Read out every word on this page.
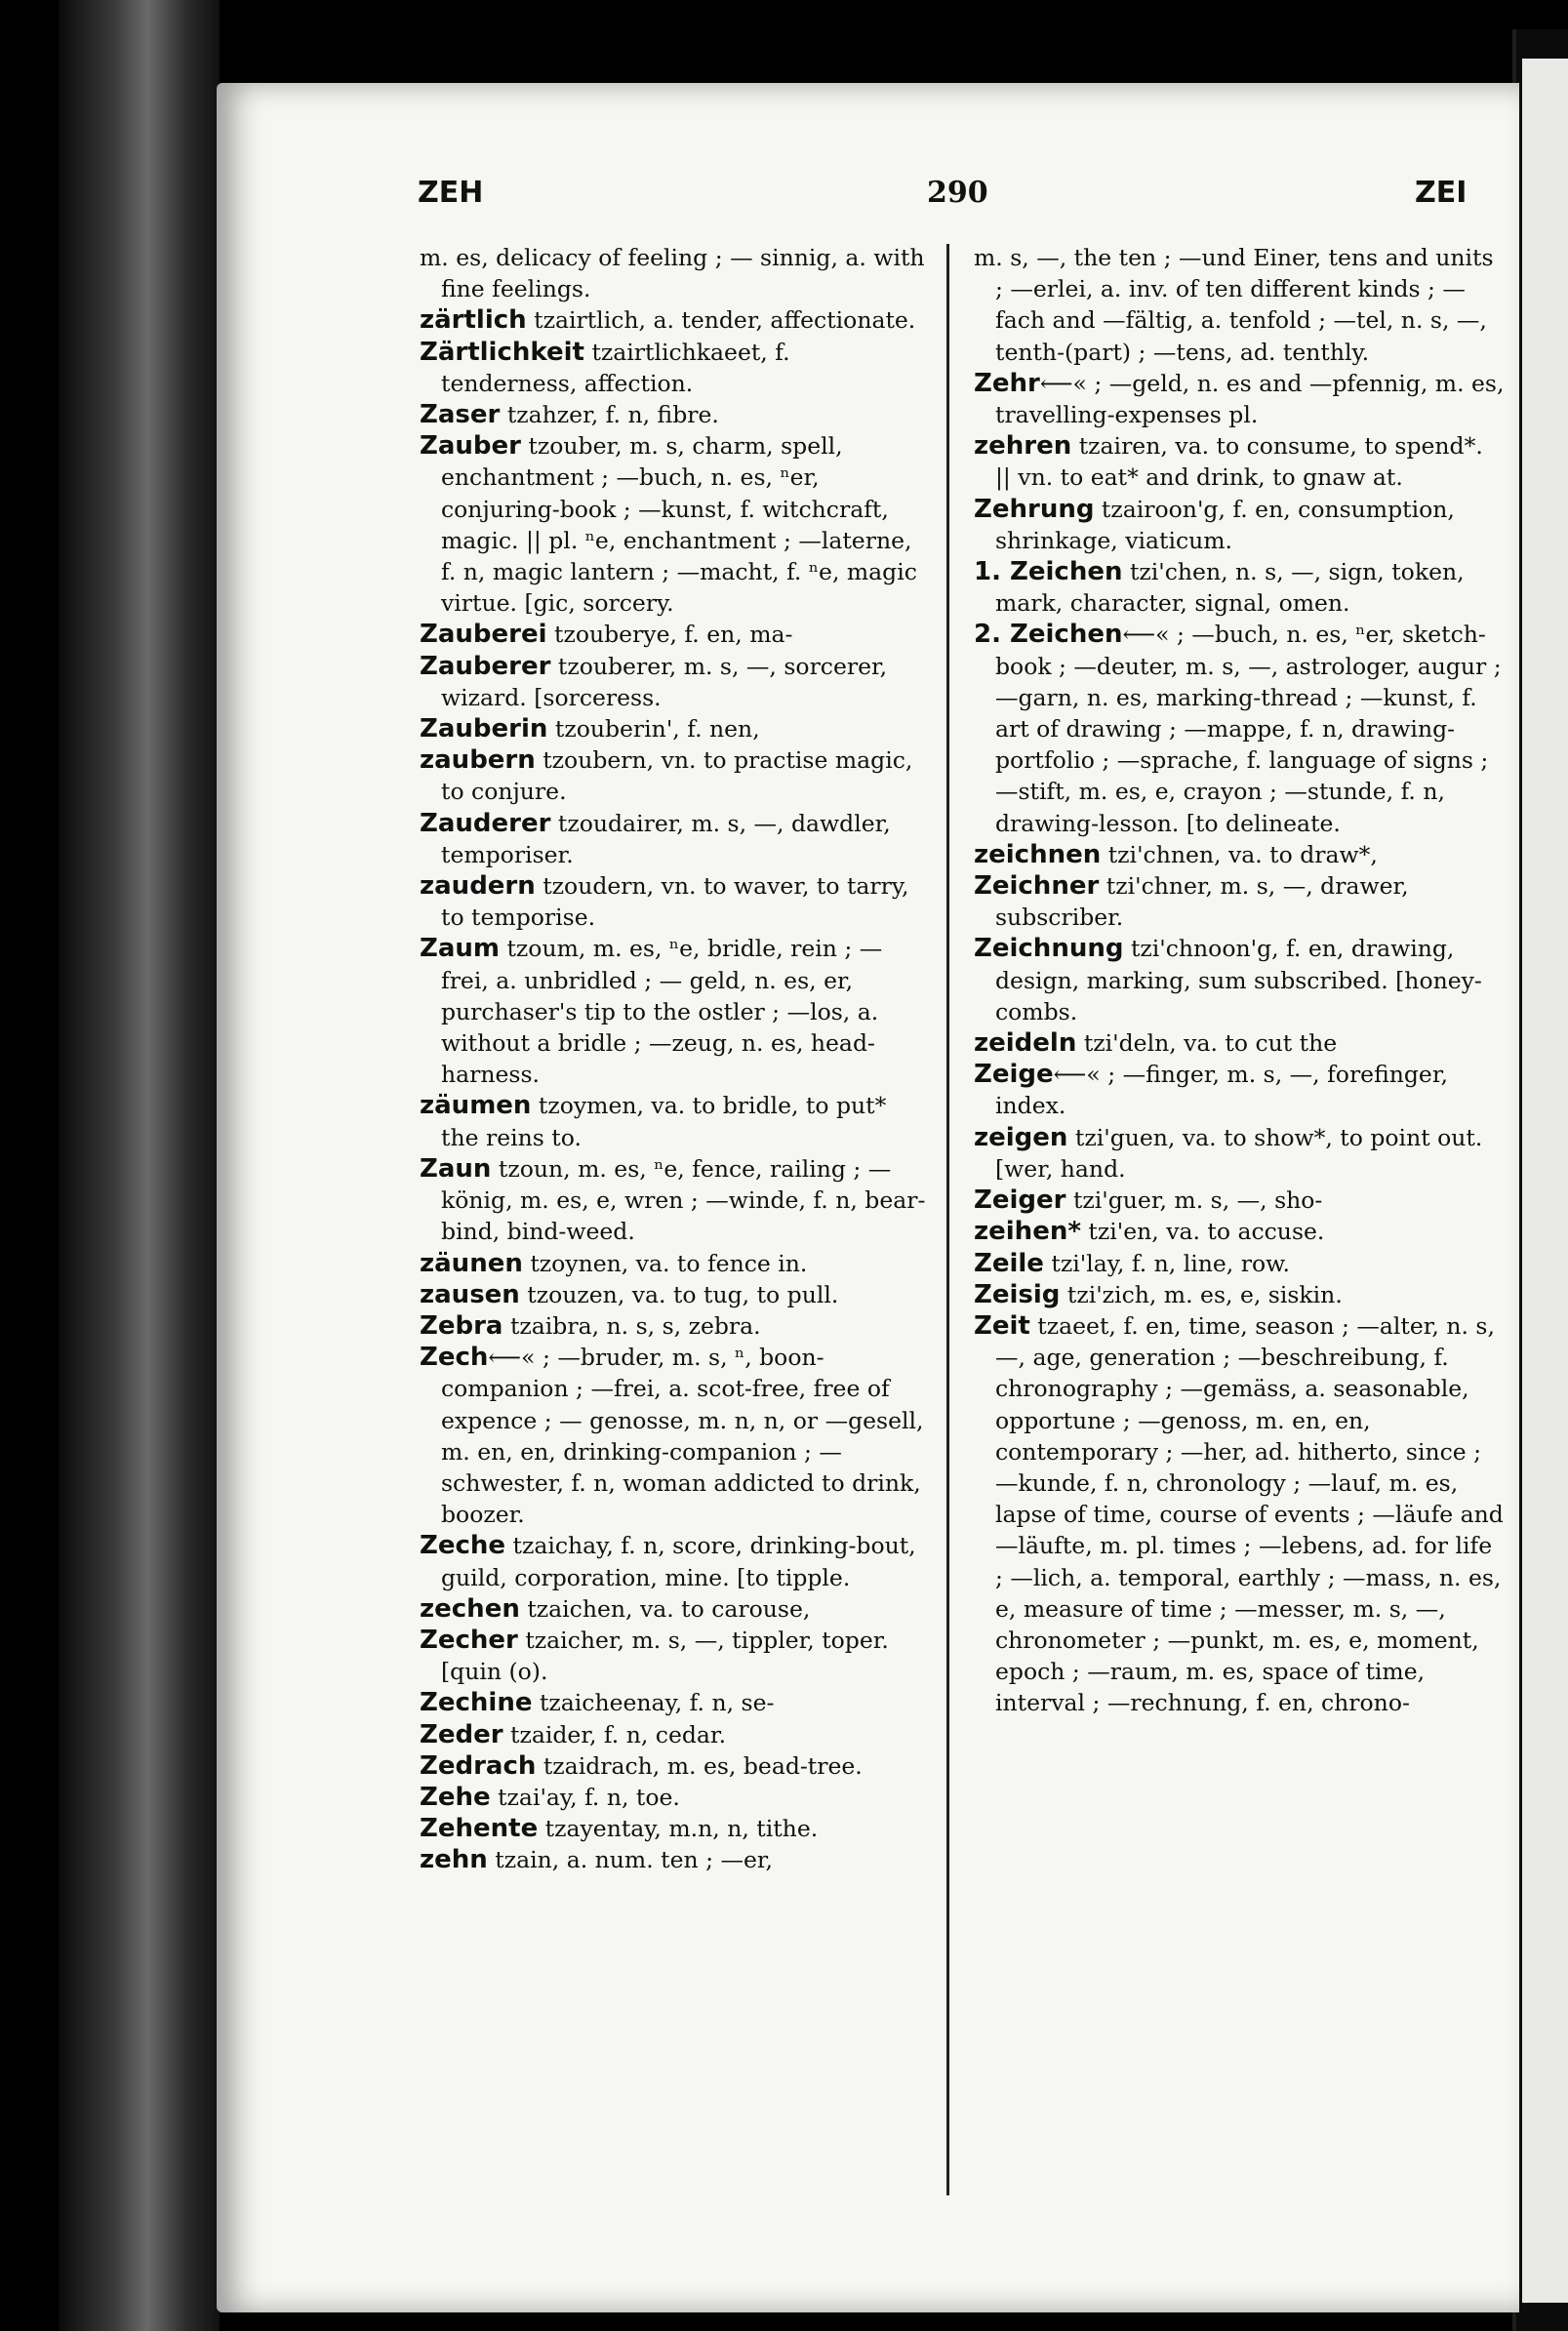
ZEH	290	ZEI

m. es, delicacy of feeling ; — sinnig, a. with fine feelings.

zärtlich tzairtlich, a. tender, affectionate.

Zärtlichkeit tzairtlichkaeet, f. tenderness, affection.

Zaser tzahzer, f. n, fibre.

Zauber tzouber, m. s, charm, spell, enchantment ; —buch, n. es, ⁿer, conjuring-book ; —kunst, f. witchcraft, magic. || pl. ⁿe, enchantment ; —laterne, f. n, magic lantern ; —macht, f. ⁿe, magic virtue. [gic, sorcery.

Zauberei tzouberye, f. en, ma-

Zauberer tzouberer, m. s, —, sorcerer, wizard. [sorceress.

Zauberin tzouberin', f. nen,

zaubern tzoubern, vn. to practise magic, to conjure.

Zauderer tzoudairer, m. s, —, dawdler, temporiser.

zaudern tzoudern, vn. to waver, to tarry, to temporise.

Zaum tzoum, m. es, ⁿe, bridle, rein ; —frei, a. unbridled ; — geld, n. es, er, purchaser's tip to the ostler ; —los, a. without a bridle ; —zeug, n. es, head-harness.

zäumen tzoymen, va. to bridle, to put* the reins to.

Zaun tzoun, m. es, ⁿe, fence, railing ; —könig, m. es, e, wren ; —winde, f. n, bear-bind, bind-weed.

zäunen tzoynen, va. to fence in.

zausen tzouzen, va. to tug, to pull.

Zebra tzaibra, n. s, s, zebra.

Zech⟵« ; —bruder, m. s, ⁿ, boon-companion ; —frei, a. scot-free, free of expence ; — genosse, m. n, n, or —gesell, m. en, en, drinking-companion ; —schwester, f. n, woman addicted to drink, boozer.

Zeche tzaichay, f. n, score, drinking-bout, guild, corporation, mine. [to tipple.

zechen tzaichen, va. to carouse,

Zecher tzaicher, m. s, —, tippler, toper. [quin (o).

Zechine tzaicheenay, f. n, se-

Zeder tzaider, f. n, cedar.

Zedrach tzaidrach, m. es, bead-tree.

Zehe tzai'ay, f. n, toe.

Zehente tzayentay, m.n, n, tithe.

zehn tzain, a. num. ten ; —er,

m. s, —, the ten ; —und Einer, tens and units ; —erlei, a. inv. of ten different kinds ; —fach and —fältig, a. tenfold ; —tel, n. s, —, tenth-(part) ; —tens, ad. tenthly.

Zehr⟵« ; —geld, n. es and —pfennig, m. es, travelling-expenses pl.

zehren tzairen, va. to consume, to spend*. || vn. to eat* and drink, to gnaw at.

Zehrung tzairoon'g, f. en, consumption, shrinkage, viaticum.

1. Zeichen tzi'chen, n. s, —, sign, token, mark, character, signal, omen.

2. Zeichen⟵« ; —buch, n. es, ⁿer, sketch-book ; —deuter, m. s, —, astrologer, augur ; —garn, n. es, marking-thread ; —kunst, f. art of drawing ; —mappe, f. n, drawing-portfolio ; —sprache, f. language of signs ; —stift, m. es, e, crayon ; —stunde, f. n, drawing-lesson. [to delineate.

zeichnen tzi'chnen, va. to draw*,

Zeichner tzi'chner, m. s, —, drawer, subscriber.

Zeichnung tzi'chnoon'g, f. en, drawing, design, marking, sum subscribed. [honey-combs.

zeideln tzi'deln, va. to cut the

Zeige⟵« ; —finger, m. s, —, forefinger, index.

zeigen tzi'guen, va. to show*, to point out. [wer, hand.

Zeiger tzi'guer, m. s, —, sho-

zeihen* tzi'en, va. to accuse.

Zeile tzi'lay, f. n, line, row.

Zeisig tzi'zich, m. es, e, siskin.

Zeit tzaeet, f. en, time, season ; —alter, n. s, —, age, generation ; —beschreibung, f. chronography ; —gemäss, a. seasonable, opportune ; —genoss, m. en, en, contemporary ; —her, ad. hitherto, since ; —kunde, f. n, chronology ; —lauf, m. es, lapse of time, course of events ; —läufe and —läufte, m. pl. times ; —lebens, ad. for life ; —lich, a. temporal, earthly ; —mass, n. es, e, measure of time ; —messer, m. s, —, chronometer ; —punkt, m. es, e, moment, epoch ; —raum, m. es, space of time, interval ; —rechnung, f. en, chrono-
